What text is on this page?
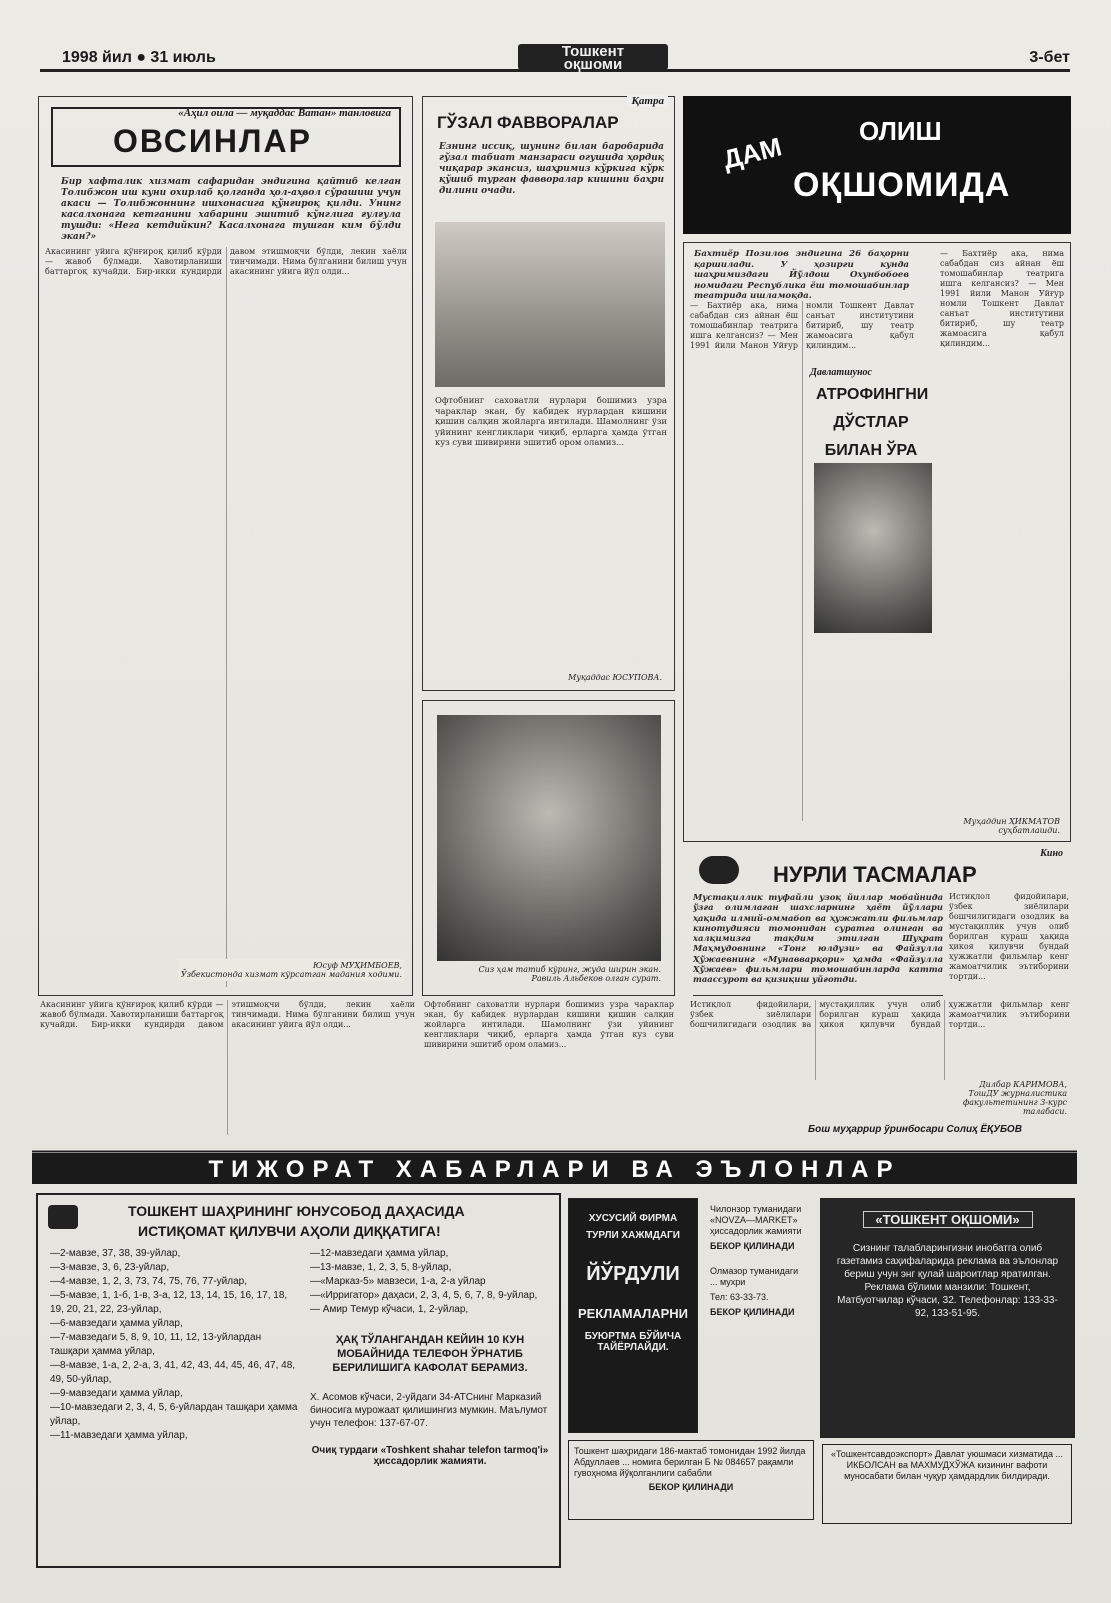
1998 йил ● 31 июль	Тошкент
оқшоми	3-бет
«Аҳил оила — муқаддас Ватан» танловига
ОВСИНЛАР
Бир хафталик хизмат сафаридан эндигина қайтиб келган Толибжон иш куни охирлаб қолганда ҳол-аҳвол сўрашиш учун акаси — Толибжоннинг ишхонасига қўнғироқ қилди. Унинг касалхонага кетганини хабарини эшитиб кўнглига ғулғула тушди: «Нега кетдийкин? Касалхонага тушган ким бўлди экан?»
Акасининг уйига қўнғироқ қилиб кўрди — жавоб бўлмади. Хавотирланиши баттаргоқ кучайди. Бир-икки кундирди давом этишмоқчи бўлди, лекин хаёли тинчимади. Нима бўлганини билиш учун акасининг уйига йўл олди...
Юсуф МУҲИМБОЕВ,
Ўзбекистонда хизмат кўрсатган мадания ходими.
Қатра
ГЎЗАЛ ФАВВОРАЛАР
Ёзнинг иссиқ, шунинг билан баробарида гўзал табиат манзараси огушида ҳордиқ чиқарар экансиз, шаҳримиз кўркига кўрк қўшиб турган фавворалар кишини баҳри дилини очади.
Офтобнинг саховатли нурлари бошимиз узра чараклар экан, бу кабидек нурлардан кишини қишин салқин жойларга интилади. Шамолнинг ўзи уйининг кенгликлари чиқиб, ерларга ҳамда ўтган куз суви шивирини эшитиб ором оламиз...
Муқаддас ЮСУПОВА.
Сиз ҳам татиб кўринг, жуда ширин экан.
Равиль Альбеков олган сурат.
ДАМ
ОЛИШ
ОҚШОМИДА
Бахтиёр Позилов эндигина 26 баҳорни қаршилади. У ҳозирги кунда шаҳримиздаги Йўлдош Охунбобоев номидаги Республика ёш томошабинлар театрида ишламоқда.
— Бахтиёр ака, нима сабабдан сиз айнан ёш томошабинлар театрига ишга келгансиз? — Мен 1991 йили Манон Уйғур номли Тошкент Давлат санъат институтини битириб, шу театр жамоасига қабул қилиндим...
Давлатшунос
АТРОФИНГНИ ДЎСТЛАР БИЛАН ЎРА
— Бахтиёр ака, нима сабабдан сиз айнан ёш томошабинлар театрига ишга келгансиз? — Мен 1991 йили Манон Уйғур номли Тошкент Давлат санъат институтини битириб, шу театр жамоасига қабул қилиндим...
Муҳаддин ҲИКМАТОВ
суҳбатлашди.
Кино
НУРЛИ ТАСМАЛАР
Мустақиллик туфайли узоқ йиллар мобайнида ўзга олимлаган шахсларнинг ҳаёт йўллари ҳақида илмий-оммабоп ва ҳужжатли фильмлар кинотудияси томонидан суратга олинган ва халқимизга тақдим этилган Шуҳрат Маҳмудовнинг «Тонг юлдузи» ва Файзулла Ҳўжаевнинг «Мунавварқори» ҳамда «Файзулла Ҳўжаев» фильмлари томошабинларда катта таассурот ва қизиқиш уйғотди.
Истиқлол фидойилари, ўзбек зиёлилари бошчилигидаги озодлик ва мустақиллик учун олиб борилган кураш ҳақида ҳикоя қилувчи бундай ҳужжатли фильмлар кенг жамоатчилик эътиборини тортди...
Истиқлол фидойилари, ўзбек зиёлилари бошчилигидаги озодлик ва мустақиллик учун олиб борилган кураш ҳақида ҳикоя қилувчи бундай ҳужжатли фильмлар кенг жамоатчилик эътиборини тортди...
Дилбар КАРИМОВА,
ТошДУ журналистика факультетининг 3-курс талабаси.
Бош муҳаррир ўринбосари Солиҳ ЁҚУБОВ
Акасининг уйига қўнғироқ қилиб кўрди — жавоб бўлмади. Хавотирланиши баттаргоқ кучайди. Бир-икки кундирди давом этишмоқчи бўлди, лекин хаёли тинчимади. Нима бўлганини билиш учун акасининг уйига йўл олди...
Офтобнинг саховатли нурлари бошимиз узра чараклар экан, бу кабидек нурлардан кишини қишин салқин жойларга интилади. Шамолнинг ўзи уйининг кенгликлари чиқиб, ерларга ҳамда ўтган куз суви шивирини эшитиб ором оламиз...
ТИЖОРАТ ХАБАРЛАРИ ВА ЭЪЛОНЛАР
ТОШКЕНТ ШАҲРИНИНГ ЮНУСОБОД ДАҲАСИДА
ИСТИҚОМАТ ҚИЛУВЧИ АҲОЛИ ДИҚҚАТИГА!
—2-мавзе, 37, 38, 39-уйлар,
—3-мавзе, 3, 6, 23-уйлар,
—4-мавзе, 1, 2, 3, 73, 74, 75, 76, 77-уйлар,
—5-мавзе, 1, 1-б, 1-в, 3-а, 12, 13, 14, 15, 16, 17, 18, 19, 20, 21, 22, 23-уйлар,
—6-мавзедаги ҳамма уйлар,
—7-мавзедаги 5, 8, 9, 10, 11, 12, 13-уйлардан ташқари ҳамма уйлар,
—8-мавзе, 1-а, 2, 2-а, 3, 41, 42, 43, 44, 45, 46, 47, 48, 49, 50-уйлар,
—9-мавзедаги ҳамма уйлар,
—10-мавзедаги 2, 3, 4, 5, 6-уйлардан ташқари ҳамма уйлар,
—11-мавзедаги ҳамма уйлар,
—12-мавзедаги ҳамма уйлар,
—13-мавзе, 1, 2, 3, 5, 8-уйлар,
—«Марказ-5» мавзеси, 1-а, 2-а уйлар
—«Ирригатор» даҳаси, 2, 3, 4, 5, 6, 7, 8, 9-уйлар,
— Амир Темур кўчаси, 1, 2-уйлар,
ҲАҚ ТЎЛАНГАНДАН КЕЙИН 10 КУН МОБАЙНИДА ТЕЛЕФОН ЎРНАТИБ БЕРИЛИШИГА КАФОЛАТ БЕРАМИЗ.
Х. Асомов кўчаси, 2-уйдаги 34-АТСнинг Марказий биносига мурожаат қилишингиз мумкин. Маълумот учун телефон: 137-67-07.
Очиқ турдаги «Toshkent shahar telefon tarmoq'i» ҳиссадорлик жамияти.
ХУСУСИЙ ФИРМА
ТУРЛИ ХАЖМДАГИ
ЙЎРДУЛИ
РЕКЛАМАЛАРНИ
БУЮРТМА БЎЙИЧА ТАЙЁРЛАЙДИ.
Чилонзор туманидаги «NOVZA—MARKET» ҳиссадорлик жамияти
БЕКОР ҚИЛИНАДИ
Олмазор туманидаги ... мухри
Тел: 63-33-73.
БЕКОР ҚИЛИНАДИ
«ТОШКЕНТ ОҚШОМИ»
Сизнинг талабларингизни инобатга олиб газетамиз саҳифаларида реклама ва эълонлар бериш учун энг қулай шароитлар яратилган. Реклама бўлими манзили: Тошкент, Матбуотчилар кўчаси, 32. Телефонлар: 133-33-92, 133-51-95.
«Тошкентсавдоэкспорт» Давлат уюшмаси хизматида ... ИКБОЛСАН ва МАХМУДХЎЖА кизининг вафоти муносабати билан чуқур ҳамдардлик билдиради.
Тошкент шаҳридаги 186-мактаб томонидан 1992 йилда Абдуллаев ... номига берилган Б № 084657 рақамли гувоҳнома йўқолганлиги сабабли
БЕКОР ҚИЛИНАДИ
